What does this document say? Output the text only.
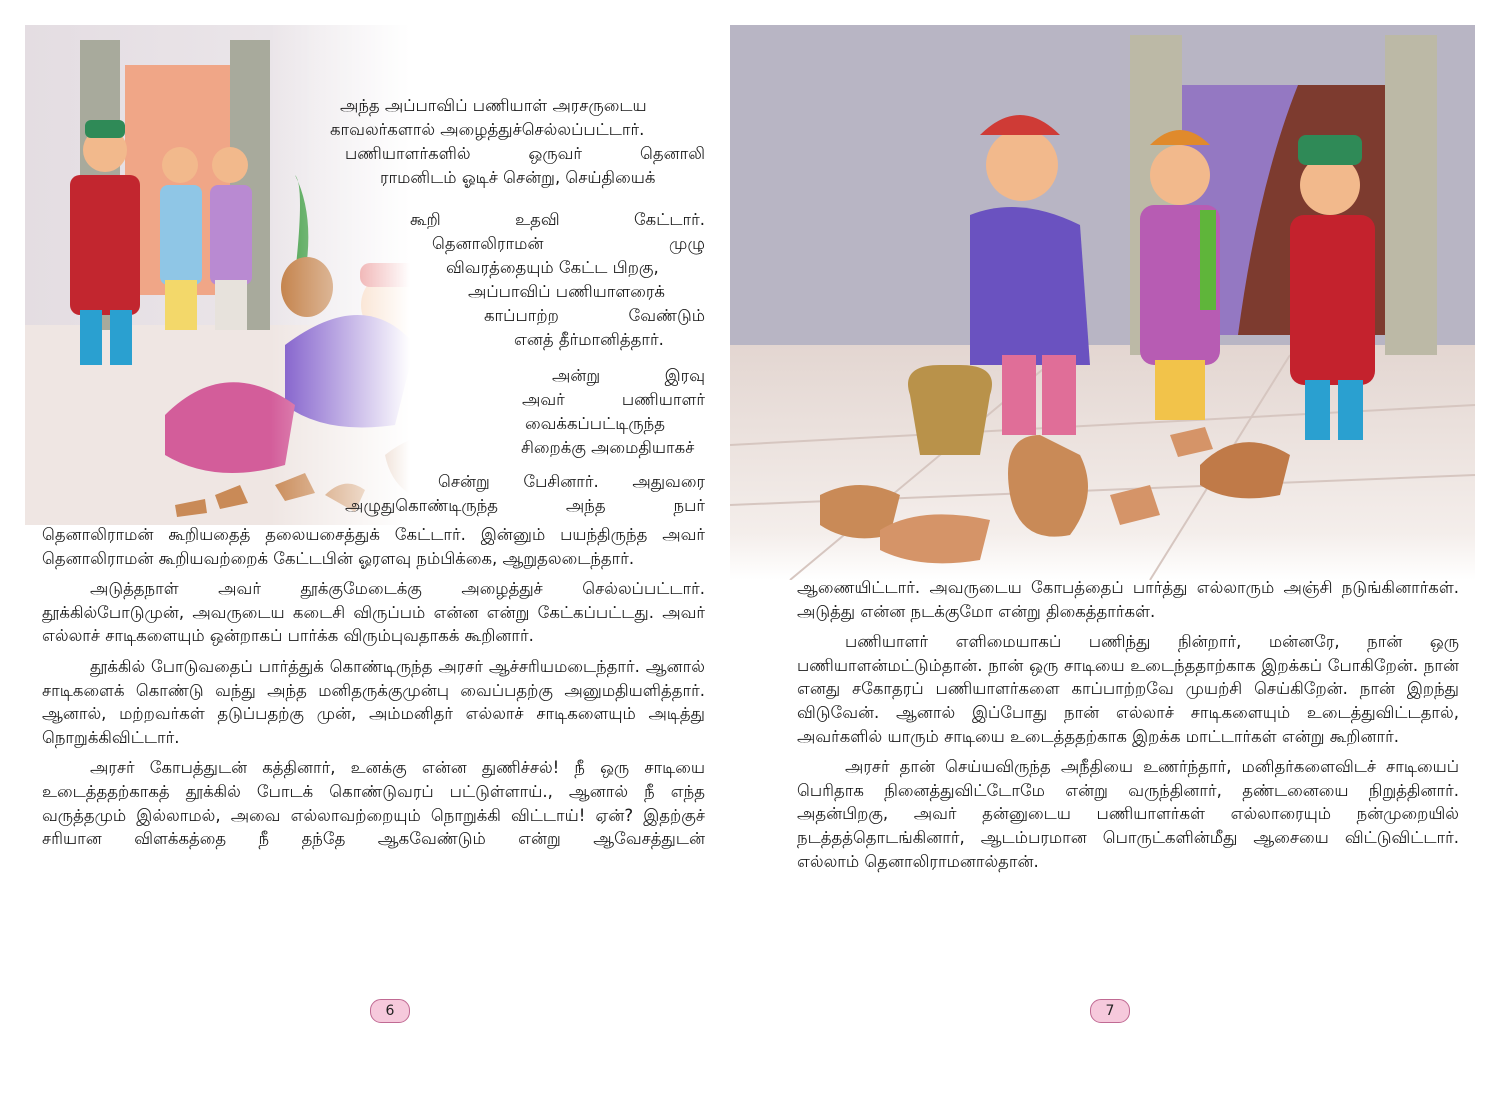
அந்த அப்பாவிப் பணியாள் அரசருடைய

காவலர்களால் அழைத்துச்செல்லப்பட்டார்.

பணியாளர்களில் ஒருவர் தெனாலி

ராமனிடம் ஓடிச் சென்று, செய்தியைக்

கூறி உதவி கேட்டார்.

தெனாலிராமன் முழு

விவரத்தையும் கேட்ட பிறகு,

அப்பாவிப் பணியாளரைக்

காப்பாற்ற வேண்டும்

எனத் தீர்மானித்தார்.

அன்று இரவு

அவர் பணியாளர்

வைக்கப்பட்டிருந்த

சிறைக்கு அமைதியாகச்

சென்று பேசினார். அதுவரை

அழுதுகொண்டிருந்த அந்த நபர்

தெனாலிராமன் கூறியதைத் தலையசைத்துக் கேட்டார். இன்னும் பயந்திருந்த அவர் தெனாலிராமன் கூறியவற்றைக் கேட்டபின் ஓரளவு நம்பிக்கை, ஆறுதலடைந்தார்.

அடுத்தநாள் அவர் தூக்குமேடைக்கு அழைத்துச் செல்லப்பட்டார். தூக்கில்போடுமுன், அவருடைய கடைசி விருப்பம் என்ன என்று கேட்கப்பட்டது. அவர் எல்லாச் சாடிகளையும் ஒன்றாகப் பார்க்க விரும்புவதாகக் கூறினார்.

தூக்கில் போடுவதைப் பார்த்துக் கொண்டிருந்த அரசர் ஆச்சரியமடைந்தார். ஆனால் சாடிகளைக் கொண்டு வந்து அந்த மனிதருக்குமுன்பு வைப்பதற்கு அனுமதியளித்தார். ஆனால், மற்றவர்கள் தடுப்பதற்கு முன், அம்மனிதர் எல்லாச் சாடிகளையும் அடித்து நொறுக்கிவிட்டார்.

அரசர் கோபத்துடன் கத்தினார், உனக்கு என்ன துணிச்சல்! நீ ஒரு சாடியை உடைத்ததற்காகத் தூக்கில் போடக் கொண்டுவரப் பட்டுள்ளாய்., ஆனால் நீ எந்த வருத்தமும் இல்லாமல், அவை எல்லாவற்றையும் நொறுக்கி விட்டாய்! ஏன்? இதற்குச் சரியான விளக்கத்தை நீ தந்தே ஆகவேண்டும் என்று ஆவேசத்துடன்

6

ஆணையிட்டார். அவருடைய கோபத்தைப் பார்த்து எல்லாரும் அஞ்சி நடுங்கினார்கள். அடுத்து என்ன நடக்குமோ என்று திகைத்தார்கள்.

பணியாளர் எளிமையாகப் பணிந்து நின்றார், மன்னரே, நான் ஒரு பணியாளன்மட்டும்தான். நான் ஒரு சாடியை உடைந்ததாற்காக இறக்கப் போகிறேன். நான் எனது சகோதரப் பணியாளர்களை காப்பாற்றவே முயற்சி செய்கிறேன். நான் இறந்து விடுவேன். ஆனால் இப்போது நான் எல்லாச் சாடிகளையும் உடைத்துவிட்டதால், அவர்களில் யாரும் சாடியை உடைத்ததற்காக இறக்க மாட்டார்கள் என்று கூறினார்.

அரசர் தான் செய்யவிருந்த அநீதியை உணர்ந்தார், மனிதர்களைவிடச் சாடியைப் பெரிதாக நினைத்துவிட்டோமே என்று வருந்தினார், தண்டனையை நிறுத்தினார். அதன்பிறகு, அவர் தன்னுடைய பணியாளர்கள் எல்லாரையும் நன்முறையில் நடத்தத்தொடங்கினார், ஆடம்பரமான பொருட்களின்மீது ஆசையை விட்டுவிட்டார். எல்லாம் தெனாலிராமனால்தான்.

7
